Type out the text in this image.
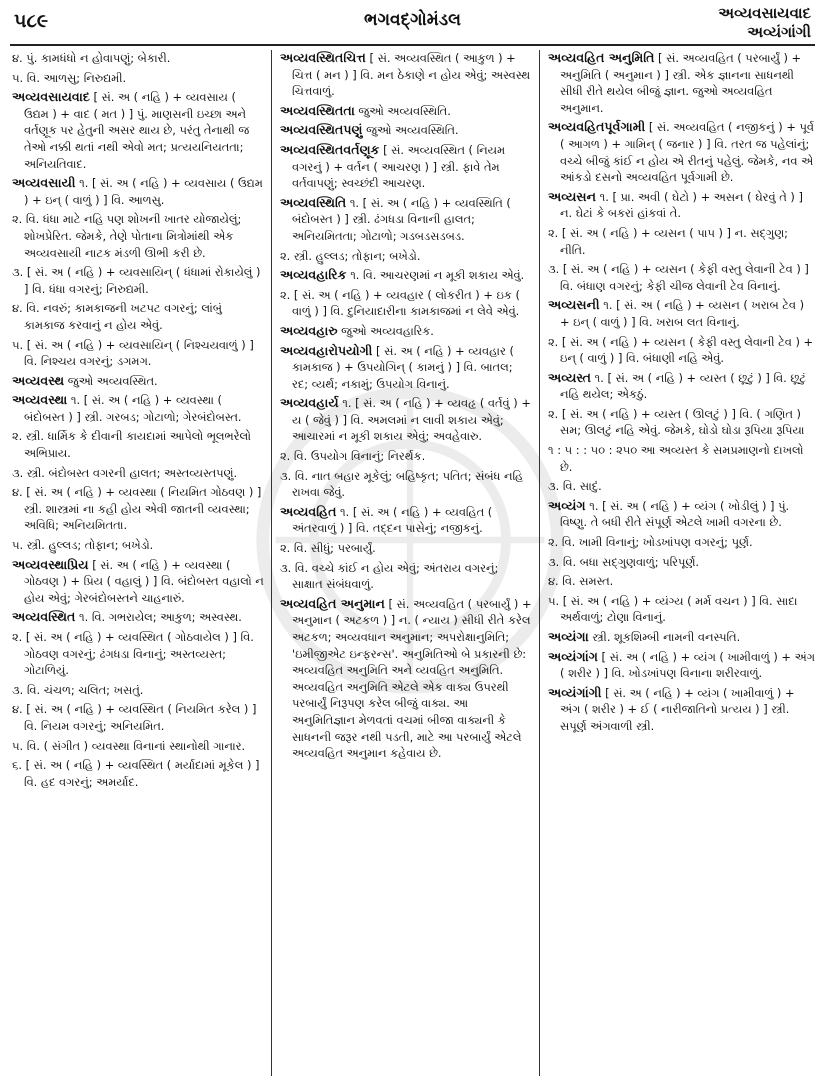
૫૮૯	ભગવદ્ગોમંડલ	અવ્યવસાયવાદ
અવ્યંગાંગી
૪. પું. કામધંધો ન હોવાપણું; બેકારી.
૫. વિ. આળસુ; નિરુદ્યમી.
અવ્યવસાયવાદ [ સં. અ ( નહિ ) + વ્યવસાય ( ઉદ્યમ ) + વાદ ( મત ) ] પું. માણસની ઇચ્છા અને વર્તણૂક પર હેતુની અસર થાય છે, પરંતુ તેનાથી જ તેઓ નક્કી થતાં નથી એવો મત; પ્રત્યયનિયતતા; અનિયતિવાદ.
અવ્યવસાયી ૧. [ સં. અ ( નહિ ) + વ્યવસાય ( ઉદ્યમ ) + ઇન્ ( વાળું ) ] વિ. આળસુ.
૨. વિ. ધંધા માટે નહિ પણ શોખની ખાતર યોજાયેલું; શોખપ્રેરિત. જેમકે, તેણે પોતાના મિત્રોમાંથી એક અવ્યવસાયી નાટક મંડળી ઊભી કરી છે.
૩. [ સં. અ ( નહિ ) + વ્યવસાયિન્ ( ધંધામાં રોકાયેલું ) ] વિ. ધંધા વગરનું; નિરુદ્યમી.
૪. વિ. નવરું; કામકાજની ખટપટ વગરનું; લાંબું કામકાજ કરવાનું ન હોય એવું.
૫. [ સં. અ ( નહિ ) + વ્યવસાયિન્ ( નિશ્ચયવાળું ) ] વિ. નિશ્ચય વગરનું; ડગમગ.
અવ્યવસ્થ જુઓ અવ્યવસ્થિત.
અવ્યવસ્થા ૧. [ સં. અ ( નહિ ) + વ્યવસ્થા ( બંદોબસ્ત ) ] સ્ત્રી. ગરબડ; ગોટાળો; ગેરબંદોબસ્ત.
૨. સ્ત્રી. ધાર્મિક કે દીવાની કાયદામાં આપેલો ભૂલભરેલો અભિપ્રાય.
૩. સ્ત્રી. બંદોબસ્ત વગરની હાલત; અસ્તવ્યસ્તપણું.
૪. [ સં. અ ( નહિ ) + વ્યવસ્થા ( નિયમિત ગોઠવણ ) ] સ્ત્રી. શાસ્ત્રમાં ના કહી હોય એવી જાતની વ્યવસ્થા; અવિધિ; અનિયમિતતા.
૫. સ્ત્રી. હુલ્લડ; તોફાન; બખેડો.
અવ્યવસ્થાપ્રિય [ સં. અ ( નહિ ) + વ્યવસ્થા ( ગોઠવણ ) + પ્રિય ( વહાલું ) ] વિ. બંદોબસ્ત વહાલો ન હોય એવું; ગેરબંદોબસ્તને ચાહનારું.
અવ્યવસ્થિત ૧. વિ. ગભરાયેલ; આકુળ; અસ્વસ્થ.
૨. [ સં. અ ( નહિ ) + વ્યવસ્થિત ( ગોઠવાયેલ ) ] વિ. ગોઠવણ વગરનું; ઢંગધડા વિનાનું; અસ્તવ્યસ્ત; ગોટાળિયું.
૩. વિ. ચંચળ; ચલિત; ખસતું.
૪. [ સં. અ ( નહિ ) + વ્યવસ્થિત ( નિયમિત કરેલ ) ] વિ. નિયમ વગરનું; અનિયમિત.
૫. વિ. ( સંગીત ) વ્યવસ્થા વિનાનાં સ્થાનોથી ગાનાર.
૬. [ સં. અ ( નહિ ) + વ્યવસ્થિત ( મર્યાદામાં મૂકેલ ) ] વિ. હદ વગરનું; અમર્યાદ.
અવ્યવસ્થિતચિત્ત [ સં. અવ્યવસ્થિત ( આકુળ ) + ચિત્ત ( મન ) ] વિ. મન ઠેકાણે ન હોય એવું; અસ્વસ્થ ચિત્તવાળું.
અવ્યવસ્થિતતા જુઓ અવ્યવસ્થિતિ.
અવ્યવસ્થિતપણું જુઓ અવ્યવસ્થિતિ.
અવ્યવસ્થિતવર્તણૂક [ સં. અવ્યવસ્થિત ( નિયમ વગરનું ) + વર્તન ( આચરણ ) ] સ્ત્રી. ફાવે તેમ વર્તવાપણું; સ્વચ્છંદી આચરણ.
અવ્યવસ્થિતિ ૧. [ સં. અ ( નહિ ) + વ્યવસ્થિતિ ( બંદોબસ્ત ) ] સ્ત્રી. ઢંગધડા વિનાની હાલત; અનિયમિતતા; ગોટાળો; ગડબડસડબડ.
૨. સ્ત્રી. હુલ્લડ; તોફાન; બખેડો.
અવ્યવહારિક ૧. વિ. આચરણમાં ન મૂકી શકાય એવું.
૨. [ સં. અ ( નહિ ) + વ્યવહાર ( લોકરીત ) + ઇક ( વાળું ) ] વિ. દુનિયાદારીના કામકાજમાં ન લેવે એવું.
અવ્યવહારુ જુઓ અવ્યવહારિક.
અવ્યવહારોપયોગી [ સં. અ ( નહિ ) + વ્યવહાર ( કામકાજ ) + ઉપયોગિન્ ( કામનું ) ] વિ. બાતલ; રદ; વ્યર્થ; નકામું; ઉપયોગ વિનાનું.
અવ્યવહાર્ય ૧. [ સં. અ ( નહિ ) + વ્યવહૃ ( વર્તવું ) + ય ( જેવું ) ] વિ. અમલમાં ન લાવી શકાય એવું; આચારમાં ન મૂકી શકાય એવું; અવહેવારુ.
૨. વિ. ઉપયોગ વિનાનું; નિરર્થક.
૩. વિ. નાત બહાર મૂકેલું; બહિષ્કૃત; પતિત; સંબંધ નહિ રાખવા જેવું.
અવ્યવહિત ૧. [ સં. અ ( નહિ ) + વ્યવહિત ( અંતરવાળું ) ] વિ. તદ્દન પાસેનું; નજીકનું.
૨. વિ. સીધું; પરબાર્યું.
૩. વિ. વચ્ચે કાંઈ ન હોય એવું; અંતરાય વગરનું; સાક્ષાત સંબંધવાળું.
અવ્યવહિત અનુમાન [ સં. અવ્યવહિત ( પરબાર્યું ) + અનુમાન ( અટકળ ) ] ન. ( ન્યાય ) સીધી રીતે કરેલ અટકળ; અવ્યવધાન અનુમાન; અપરોક્ષાનુમિતિ; 'ઇમીજીએટ ઇન્ફરન્સ'. અનુમિતિઓ બે પ્રકારની છે: અવ્યવહિત અનુમિતિ અને વ્યવહિત અનુમિતિ. અવ્યવહિત અનુમિતિ એટલે એક વાક્ય ઉપરથી પરબાર્યું નિરૂપણ કરેલ બીજું વાક્ય. આ અનુમિતિજ્ઞાન મેળવતાં વચમાં બીજા વાક્યની કે સાધનની જરૂર નથી પડતી, માટે આ પરબાર્યું એટલે અવ્યવહિત અનુમાન કહેવાય છે.
અવ્યવહિત અનુમિતિ [ સં. અવ્યવહિત ( પરબાર્યું ) + અનુમિતિ ( અનુમાન ) ] સ્ત્રી. એક જ્ઞાનના સાધનથી સીધી રીતે થયેલ બીજું જ્ઞાન. જુઓ અવ્યવહિત અનુમાન.
અવ્યવહિતપૂર્વગામી [ સં. અવ્યવહિત ( નજીકનું ) + પૂર્વ ( આગળ ) + ગામિન્ ( જનાર ) ] વિ. તરત જ પહેલાંનું; વચ્ચે બીજું કાંઈ ન હોય એ રીતનું પહેલું. જેમકે, નવ એ આંકડો દસનો અવ્યવહિત પૂર્વગામી છે.
અવ્યસન ૧. [ પ્રા. અવી ( ઘેટો ) + અસન ( ઘેરવું તે ) ] ન. ઘેટાં કે બકરાં હાંકવાં તે.
૨. [ સં. અ ( નહિ ) + વ્યસન ( પાપ ) ] ન. સદ્ગુણ; નીતિ.
૩. [ સં. અ ( નહિ ) + વ્યસન ( કેફી વસ્તુ લેવાની ટેવ ) ] વિ. બંધાણ વગરનું; કેફી ચીજ લેવાની ટેવ વિનાનું.
અવ્યસની ૧. [ સં. અ ( નહિ ) + વ્યસન ( ખરાબ ટેવ ) + ઇન્ ( વાળું ) ] વિ. ખરાબ લત વિનાનું.
૨. [ સં. અ ( નહિ ) + વ્યસન ( કેફી વસ્તુ લેવાની ટેવ ) + ઇન્ ( વાળું ) ] વિ. બંધાણી નહિ એવું.
અવ્યસ્ત ૧. [ સં. અ ( નહિ ) + વ્યસ્ત ( છૂટું ) ] વિ. છૂટું નહિ થયેલ; એકઠું.
૨. [ સં. અ ( નહિ ) + વ્યસ્ત ( ઊલટું ) ] વિ. ( ગણિત ) સમ; ઊલટું નહિ એવું. જેમકે, ઘોડો ઘોડા રૂપિયા રૂપિયા
૧ : ૫ : : ૫૦ : ૨૫૦ આ અવ્યસ્ત કે સમપ્રમાણનો દાખલો છે.
૩. વિ. સાદું.
અવ્યંગ ૧. [ સં. અ ( નહિ ) + વ્યંગ ( ખોડીલું ) ] પું. વિષ્ણુ. તે બધી રીતે સંપૂર્ણ એટલે ખામી વગરના છે.
૨. વિ. ખામી વિનાનું; ખોડખાંપણ વગરનું; પૂર્ણ.
૩. વિ. બધા સદ્ગુણવાળું; પરિપૂર્ણ.
૪. વિ. સમસ્ત.
૫. [ સં. અ ( નહિ ) + વ્યંગ્ય ( મર્મ વચન ) ] વિ. સાદા અર્થવાળું; ટોણા વિનાનું.
અવ્યંગા સ્ત્રી. શૂકશિમ્બી નામની વનસ્પતિ.
અવ્યંગાંગ [ સં. અ ( નહિ ) + વ્યંગ ( ખામીવાળું ) + અંગ ( શરીર ) ] વિ. ખોડખાંપણ વિનાના શરીરવાળું.
અવ્યંગાંગી [ સં. અ ( નહિ ) + વ્યંગ ( ખામીવાળું ) + અંગ ( શરીર ) + ઈ ( નારીજાતિનો પ્રત્યય ) ] સ્ત્રી. સપૂર્ણ અંગવાળી સ્ત્રી.
